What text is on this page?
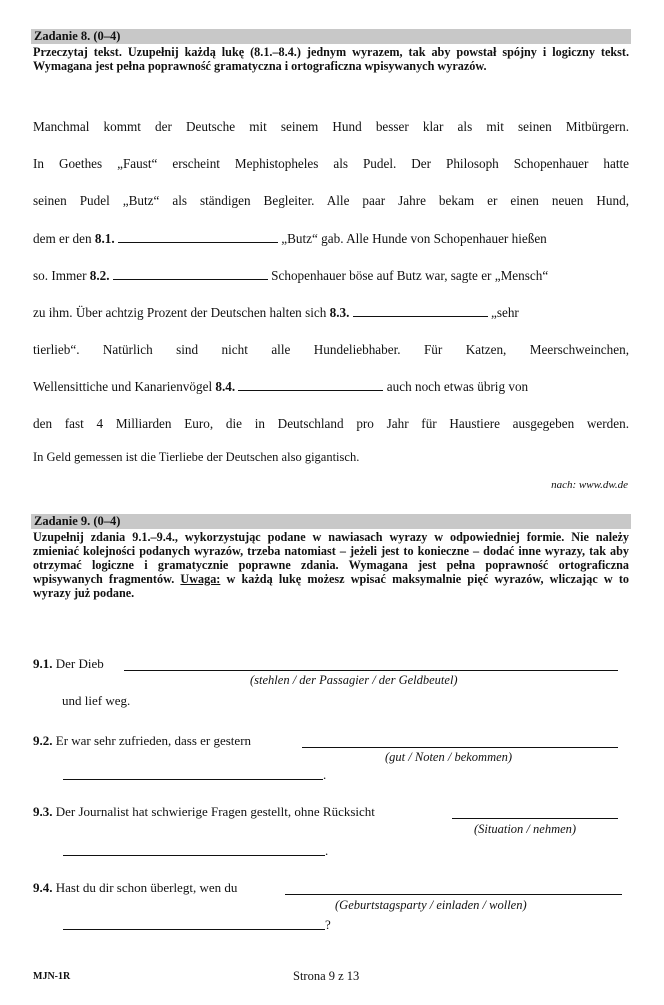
Zadanie 8. (0–4)
Przeczytaj tekst. Uzupełnij każdą lukę (8.1.–8.4.) jednym wyrazem, tak aby powstał spójny i logiczny tekst. Wymagana jest pełna poprawność gramatyczna i ortograficzna wpisywanych wyrazów.
Manchmal kommt der Deutsche mit seinem Hund besser klar als mit seinen Mitbürgern.
In Goethes „Faust“ erscheint Mephistopheles als Pudel. Der Philosoph Schopenhauer hatte
seinen Pudel „Butz“ als ständigen Begleiter. Alle paar Jahre bekam er einen neuen Hund,
dem er den 8.1.	„Butz“ gab. Alle Hunde von Schopenhauer hießen
so. Immer 8.2.	Schopenhauer böse auf Butz war, sagte er „Mensch“
zu ihm. Über achtzig Prozent der Deutschen halten sich 8.3.	„sehr
tierlieb“. Natürlich sind nicht alle Hundeliebhaber. Für Katzen, Meerschweinchen,
Wellensittiche und Kanarienvögel 8.4.	auch noch etwas übrig von
den fast 4 Milliarden Euro, die in Deutschland pro Jahr für Haustiere ausgegeben werden.
In Geld gemessen ist die Tierliebe der Deutschen also gigantisch.
nach: www.dw.de
Zadanie 9. (0–4)
Uzupełnij zdania 9.1.–9.4., wykorzystując podane w nawiasach wyrazy w odpowiedniej formie. Nie należy zmieniać kolejności podanych wyrazów, trzeba natomiast – jeżeli jest to konieczne – dodać inne wyrazy, tak aby otrzymać logiczne i gramatycznie poprawne zdania. Wymagana jest pełna poprawność ortograficzna wpisywanych fragmentów. Uwaga: w każdą lukę możesz wpisać maksymalnie pięć wyrazów, wliczając w to wyrazy już podane.
9.1. Der Dieb
(stehlen / der Passagier / der Geldbeutel)
und lief weg.
9.2. Er war sehr zufrieden, dass er gestern
(gut / Noten / bekommen)
.
9.3. Der Journalist hat schwierige Fragen gestellt, ohne Rücksicht
(Situation / nehmen)
.
9.4. Hast du dir schon überlegt, wen du
(Geburtstagsparty / einladen / wollen)
?
MJN-1R	Strona 9 z 13
